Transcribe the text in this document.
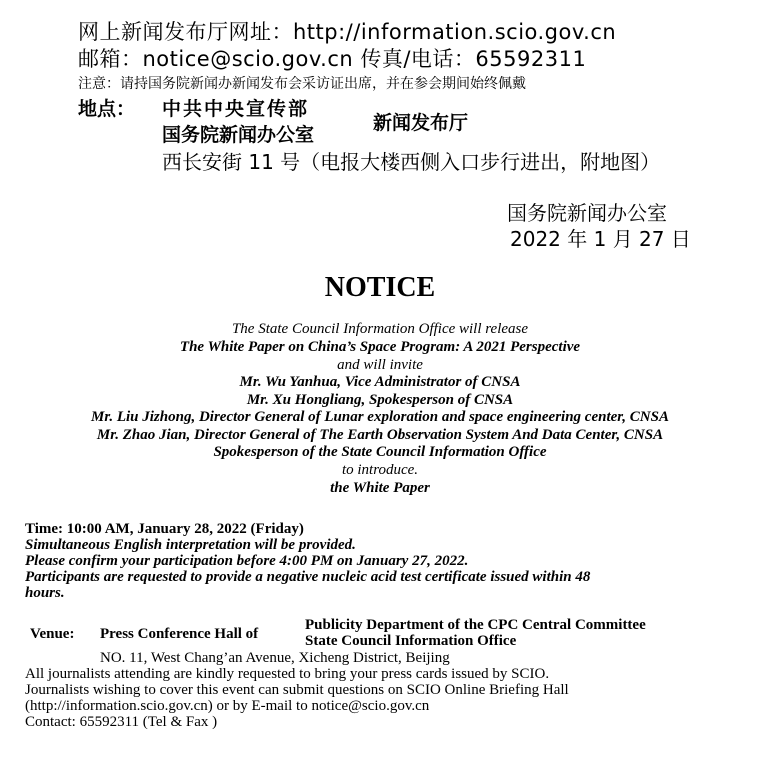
网上新闻发布厅网址：http://information.scio.gov.cn
邮箱：notice@scio.gov.cn 传真/电话：65592311
注意：请持国务院新闻办新闻发布会采访证出席，并在参会期间始终佩戴
地点： 中共中央宣传部
国务院新闻办公室
新闻发布厅
西长安街 11 号（电报大楼西侧入口步行进出，附地图）
国务院新闻办公室
2022 年 1 月 27 日
NOTICE
The State Council Information Office will release
The White Paper on China’s Space Program: A 2021 Perspective
and will invite
Mr. Wu Yanhua, Vice Administrator of CNSA
Mr. Xu Hongliang, Spokesperson of CNSA
Mr. Liu Jizhong, Director General of Lunar exploration and space engineering center, CNSA
Mr. Zhao Jian, Director General of The Earth Observation System And Data Center, CNSA
Spokesperson of the State Council Information Office
to introduce.
the White Paper
Time: 10:00 AM, January 28, 2022 (Friday)
Simultaneous English interpretation will be provided.
Please confirm your participation before 4:00 PM on January 27, 2022.
Participants are requested to provide a negative nucleic acid test certificate issued within 48
hours.
Venue: Press Conference Hall of
Publicity Department of the CPC Central Committee
State Council Information Office
NO. 11, West Chang’an Avenue, Xicheng District, Beijing
All journalists attending are kindly requested to bring your press cards issued by SCIO.
Journalists wishing to cover this event can submit questions on SCIO Online Briefing Hall
(http://information.scio.gov.cn) or by E-mail to notice@scio.gov.cn
Contact: 65592311 (Tel & Fax )
